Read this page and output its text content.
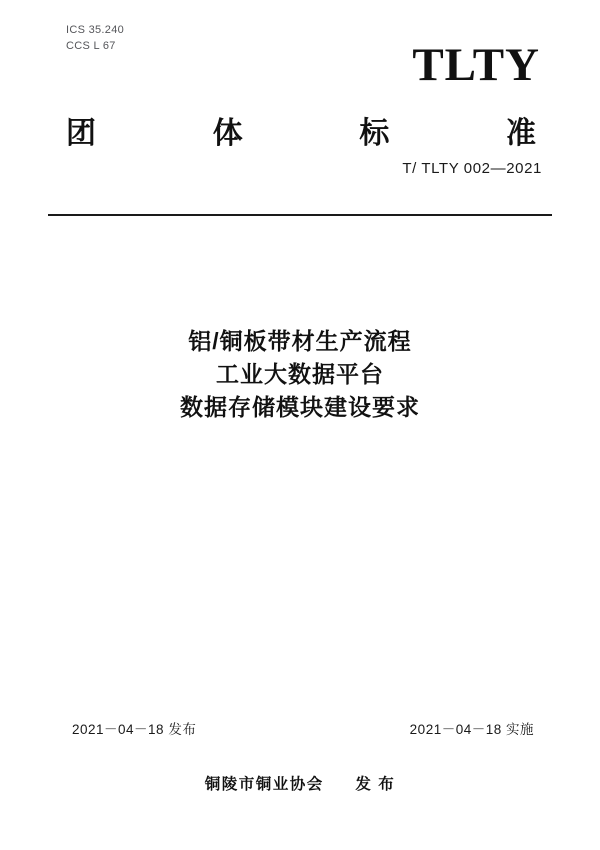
ICS 35.240
CCS L 67	TLTY
团	体	标	准
T/ TLTY 002—2021
铝/铜板带材生产流程
工业大数据平台
数据存储模块建设要求
2021－04－18 发布	2021－04－18 实施
铜陵市铜业协会 发 布
